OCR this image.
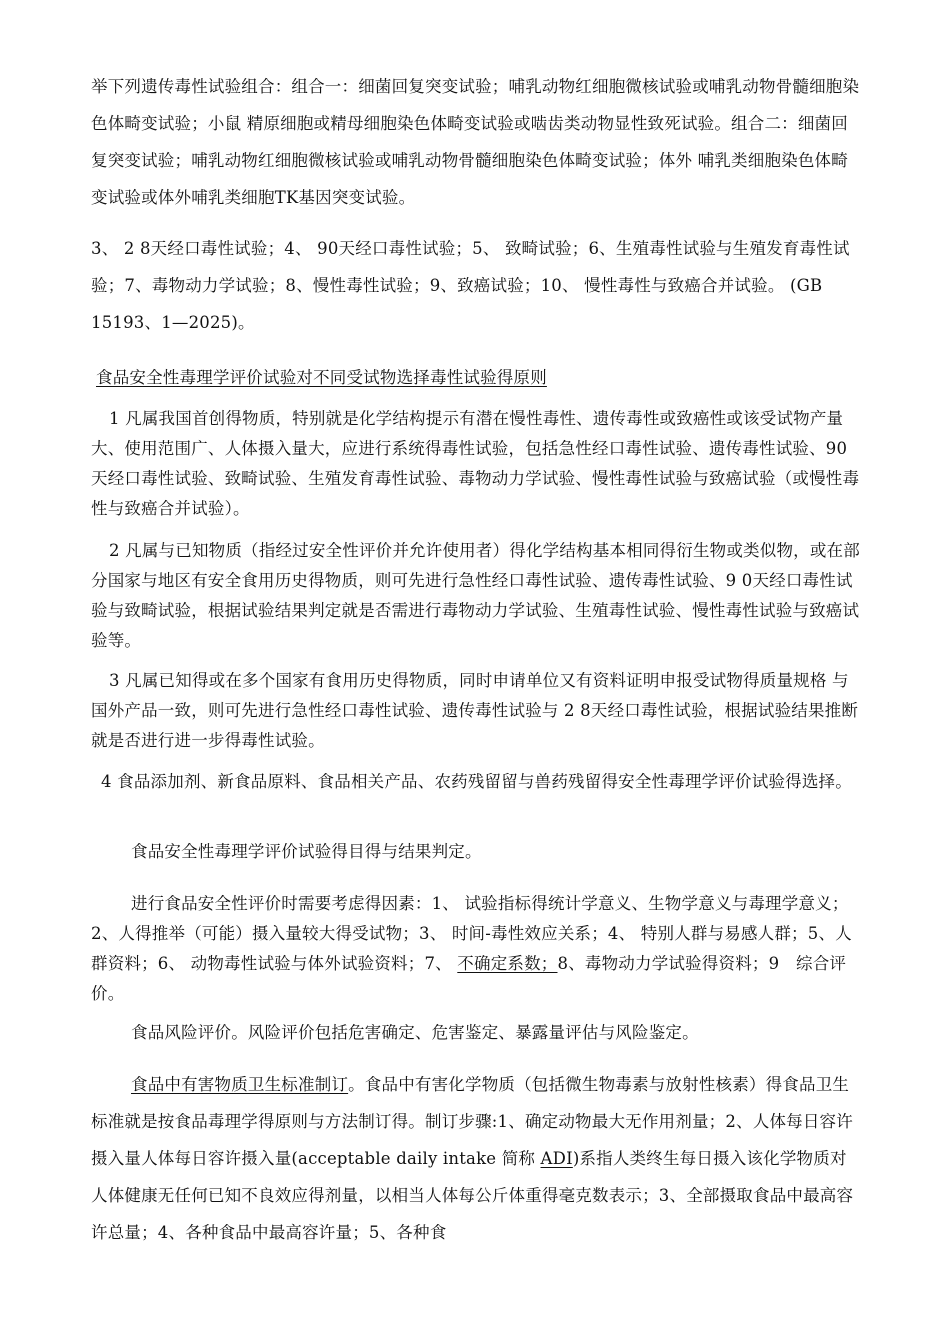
举下列遗传毒性试验组合：组合一：细菌回复突变试验；哺乳动物红细胞微核试验或哺乳动物骨髓细胞染色体畸变试验；小鼠 精原细胞或精母细胞染色体畸变试验或啮齿类动物显性致死试验。组合二：细菌回复突变试验；哺乳动物红细胞微核试验或哺乳动物骨髓细胞染色体畸变试验；体外 哺乳类细胞染色体畸变试验或体外哺乳类细胞TK基因突变试验。

3、 2 8天经口毒性试验；4、 90天经口毒性试验；5、 致畸试验；6、生殖毒性试验与生殖发育毒性试验；7、毒物动力学试验；8、慢性毒性试验；9、致癌试验；10、 慢性毒性与致癌合并试验。 (GB 15193、1—2025)。

食品安全性毒理学评价试验对不同受试物选择毒性试验得原则

1 凡属我国首创得物质，特别就是化学结构提示有潜在慢性毒性、遗传毒性或致癌性或该受试物产量 大、使用范围广、人体摄入量大，应进行系统得毒性试验，包括急性经口毒性试验、遗传毒性试验、90天经口毒性试验、致畸试验、生殖发育毒性试验、毒物动力学试验、慢性毒性试验与致癌试验（或慢性毒性与致癌合并试验）。

2 凡属与已知物质（指经过安全性评价并允许使用者）得化学结构基本相同得衍生物或类似物，或在部分国家与地区有安全食用历史得物质，则可先进行急性经口毒性试验、遗传毒性试验、9 0天经口毒性试验与致畸试验，根据试验结果判定就是否需进行毒物动力学试验、生殖毒性试验、慢性毒性试验与致癌试验等。

3 凡属已知得或在多个国家有食用历史得物质，同时申请单位又有资料证明申报受试物得质量规格 与国外产品一致，则可先进行急性经口毒性试验、遗传毒性试验与 2 8天经口毒性试验，根据试验结果推断就是否进行进一步得毒性试验。

4 食品添加剂、新食品原料、食品相关产品、农药残留留与兽药残留得安全性毒理学评价试验得选择。

食品安全性毒理学评价试验得目得与结果判定。

进行食品安全性评价时需要考虑得因素：1、 试验指标得统计学意义、生物学意义与毒理学意义；2、人得推举（可能）摄入量较大得受试物；3、 时间-毒性效应关系；4、 特别人群与易感人群；5、人群资料；6、 动物毒性试验与体外试验资料；7、 不确定系数；8、毒物动力学试验得资料；9　综合评价。

食品风险评价。风险评价包括危害确定、危害鉴定、暴露量评估与风险鉴定。

食品中有害物质卫生标准制订。食品中有害化学物质（包括微生物毒素与放射性核素）得食品卫生标准就是按食品毒理学得原则与方法制订得。制订步骤:1、确定动物最大无作用剂量；2、人体每日容许摄入量人体每日容许摄入量(acceptable daily intake 简称 ADI)系指人类终生每日摄入该化学物质对人体健康无任何已知不良效应得剂量，以相当人体每公斤体重得毫克数表示；3、全部摄取食品中最高容许总量；4、各种食品中最高容许量；5、各种食
